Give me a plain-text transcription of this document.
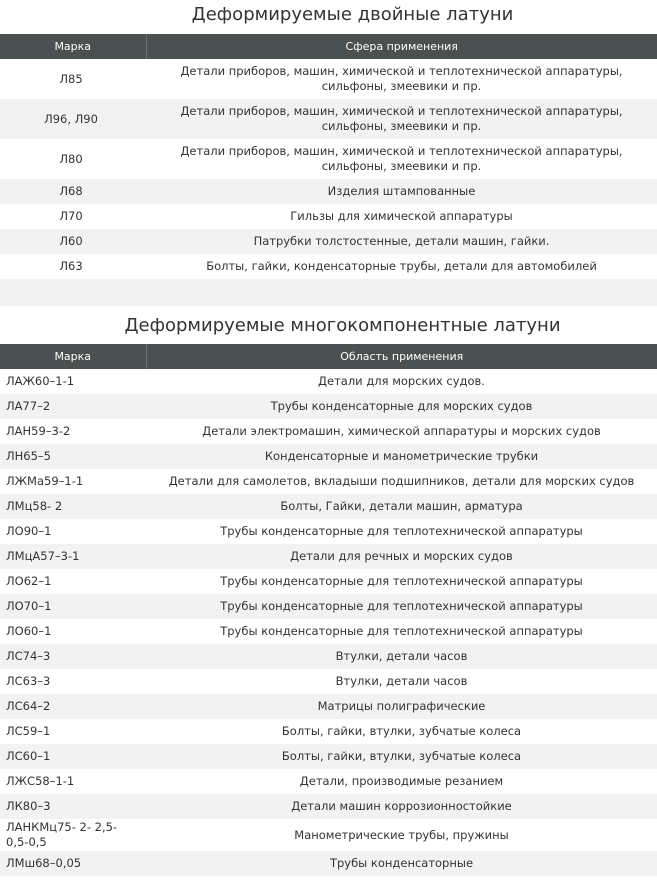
Деформируемые двойные латуни
Марка	Сфера применения
Л85	Детали приборов, машин, химической и теплотехнической аппаратуры, сильфоны, змеевики и пр.
Л96, Л90	Детали приборов, машин, химической и теплотехнической аппаратуры, сильфоны, змеевики и пр.
Л80	Детали приборов, машин, химической и теплотехнической аппаратуры, сильфоны, змеевики и пр.
Л68	Изделия штампованные
Л70	Гильзы для химической аппаратуры
Л60	Патрубки толстостенные, детали машин, гайки.
Л63	Болты, гайки, конденсаторные трубы, детали для автомобилей

Деформируемые многокомпонентные латуни
Марка	Область применения
ЛАЖ60–1-1	Детали для морских судов.
ЛА77–2	Трубы конденсаторные для морских судов
ЛАН59–3-2	Детали электромашин, химической аппаратуры и морских судов
ЛН65–5	Конденсаторные и манометрические трубки
ЛЖМа59–1-1	Детали для самолетов, вкладыши подшипников, детали для морских судов
ЛМц58- 2	Болты, Гайки, детали машин, арматура
ЛО90–1	Трубы конденсаторные для теплотехнической аппаратуры
ЛМцА57–3-1	Детали для речных и морских судов
ЛО62–1	Трубы конденсаторные для теплотехнической аппаратуры
ЛО70–1	Трубы конденсаторные для теплотехнической аппаратуры
ЛО60–1	Трубы конденсаторные для теплотехнической аппаратуры
ЛС74–3	Втулки, детали часов
ЛС63–3	Втулки, детали часов
ЛС64–2	Матрицы полиграфические
ЛС59–1	Болты, гайки, втулки, зубчатые колеса
ЛС60–1	Болты, гайки, втулки, зубчатые колеса
ЛЖС58–1-1	Детали, производимые резанием
ЛК80–3	Детали машин коррозионностойкие
ЛАНКМц75- 2- 2,5- 0,5-0,5	Манометрические трубы, пружины
ЛМш68–0,05	Трубы конденсаторные
